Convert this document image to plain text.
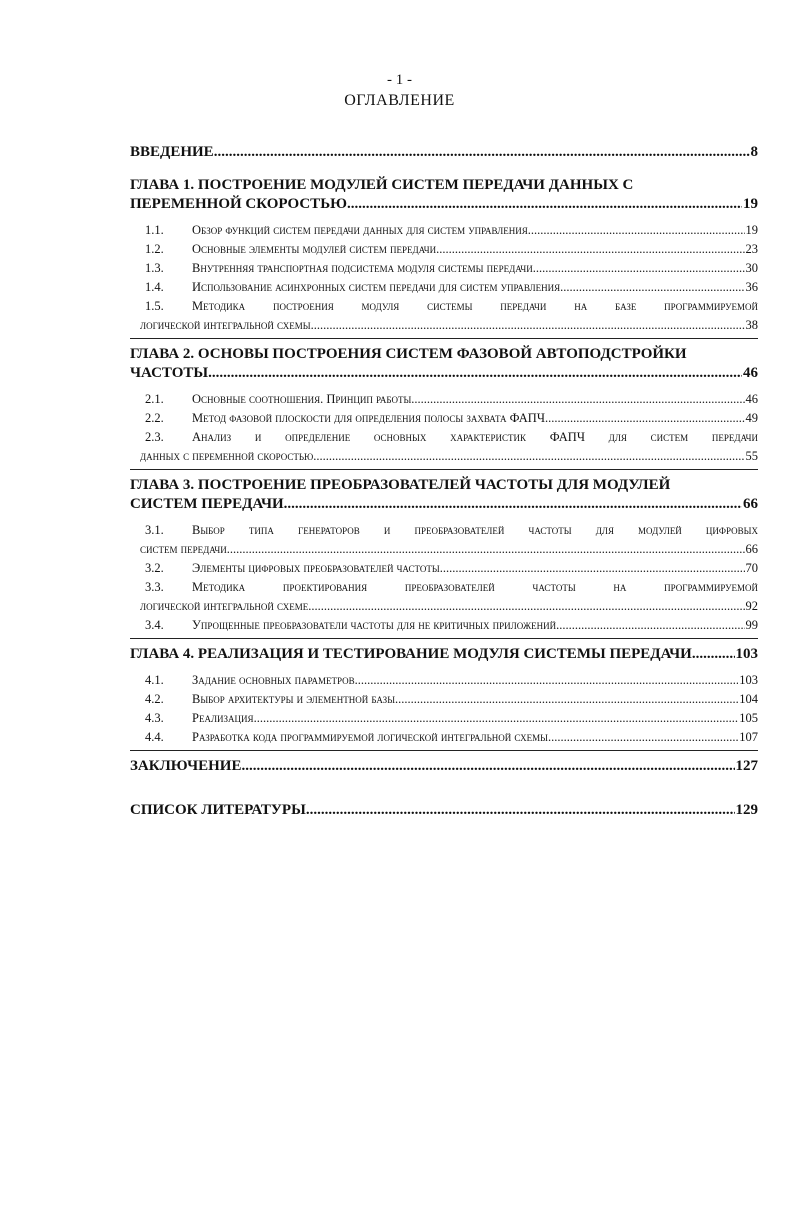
- 1 -
ОГЛАВЛЕНИЕ
ВВЕДЕНИЕ .....	8
ГЛАВА 1. ПОСТРОЕНИЕ МОДУЛЕЙ СИСТЕМ ПЕРЕДАЧИ ДАННЫХ С
ПЕРЕМЕННОЙ СКОРОСТЬЮ .....	19
1.1. Обзор функций систем передачи данных для систем управления .....	19
1.2. Основные элементы модулей систем передачи .....	23
1.3. Внутренняя транспортная подсистема модуля системы передачи .....	30
1.4. Использование асинхронных систем передачи для систем управления .....	36
1.5.	Методика построения модуля системы передачи на базе программируемой
логической интегральной схемы .....	38
ГЛАВА 2. ОСНОВЫ ПОСТРОЕНИЯ СИСТЕМ ФАЗОВОЙ АВТОПОДСТРОЙКИ
ЧАСТОТЫ .....	46
2.1. Основные соотношения. Принцип работы .....	46
2.2. Метод фазовой плоскости для определения полосы захвата ФАПЧ .....	49
2.3.	Анализ и определение основных характеристик ФАПЧ для систем передачи
данных с переменной скоростью .....	55
ГЛАВА 3. ПОСТРОЕНИЕ ПРЕОБРАЗОВАТЕЛЕЙ ЧАСТОТЫ ДЛЯ МОДУЛЕЙ
СИСТЕМ ПЕРЕДАЧИ .....	66
3.1.	Выбор типа генераторов и преобразователей частоты для модулей цифровых
систем передачи .....	66
3.2. Элементы цифровых преобразователей частоты .....	70
3.3.	Методика проектирования преобразователей частоты на программируемой
логической интегральной схеме .....	92
3.4. Упрощенные преобразователи частоты для не критичных приложений .....	99
ГЛАВА 4. РЕАЛИЗАЦИЯ И ТЕСТИРОВАНИЕ МОДУЛЯ СИСТЕМЫ ПЕРЕДАЧИ .....	103
4.1. Задание основных параметров .....	103
4.2. Выбор архитектуры и элементной базы .....	104
4.3. Реализация .....	105
4.4. Разработка кода программируемой логической интегральной схемы .....	107
ЗАКЛЮЧЕНИЕ .....	127
СПИСОК ЛИТЕРАТУРЫ .....	129
